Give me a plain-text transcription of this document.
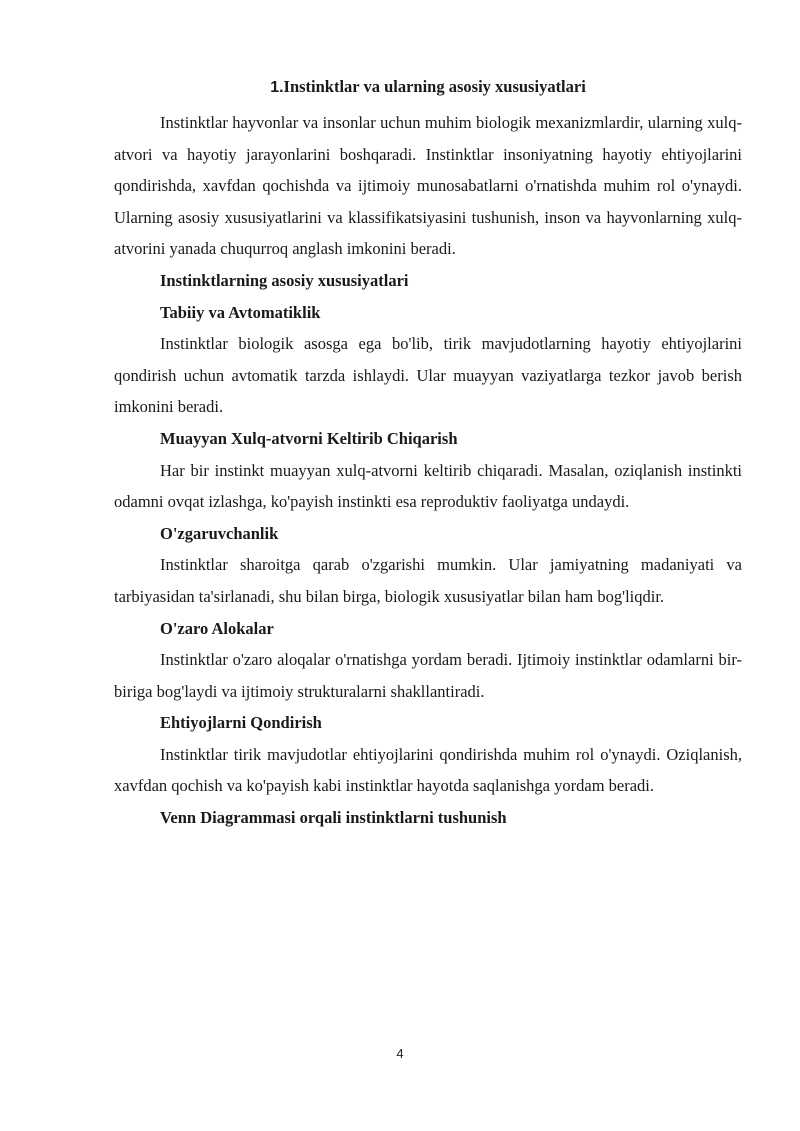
1.Instinktlar va ularning asosiy xususiyatlari

Instinktlar hayvonlar va insonlar uchun muhim biologik mexanizmlardir, ularning xulq-atvori va hayotiy jarayonlarini boshqaradi. Instinktlar insoniyatning hayotiy ehtiyojlarini qondirishda, xavfdan qochishda va ijtimoiy munosabatlarni o'rnatishda muhim rol o'ynaydi. Ularning asosiy xususiyatlarini va klassifikatsiyasini tushunish, inson va hayvonlarning xulq-atvorini yanada chuqurroq anglash imkonini beradi.

Instinktlarning asosiy xususiyatlari
Tabiiy va Avtomatiklik

Instinktlar biologik asosga ega bo'lib, tirik mavjudotlarning hayotiy ehtiyojlarini qondirish uchun avtomatik tarzda ishlaydi. Ular muayyan vaziyatlarga tezkor javob berish imkonini beradi.

Muayyan Xulq-atvorni Keltirib Chiqarish

Har bir instinkt muayyan xulq-atvorni keltirib chiqaradi. Masalan, oziqlanish instinkti odamni ovqat izlashga, ko'payish instinkti esa reproduktiv faoliyatga undaydi.

O'zgaruvchanlik

Instinktlar sharoitga qarab o'zgarishi mumkin. Ular jamiyatning madaniyati va tarbiyasidan ta'sirlanadi, shu bilan birga, biologik xususiyatlar bilan ham bog'liqdir.

O'zaro Alokalar

Instinktlar o'zaro aloqalar o'rnatishga yordam beradi. Ijtimoiy instinktlar odamlarni bir-biriga bog'laydi va ijtimoiy strukturalarni shakllantiradi.

Ehtiyojlarni Qondirish

Instinktlar tirik mavjudotlar ehtiyojlarini qondirishda muhim rol o'ynaydi. Oziqlanish, xavfdan qochish va ko'payish kabi instinktlar hayotda saqlanishga yordam beradi.

Venn Diagrammasi orqali instinktlarni tushunish
4
